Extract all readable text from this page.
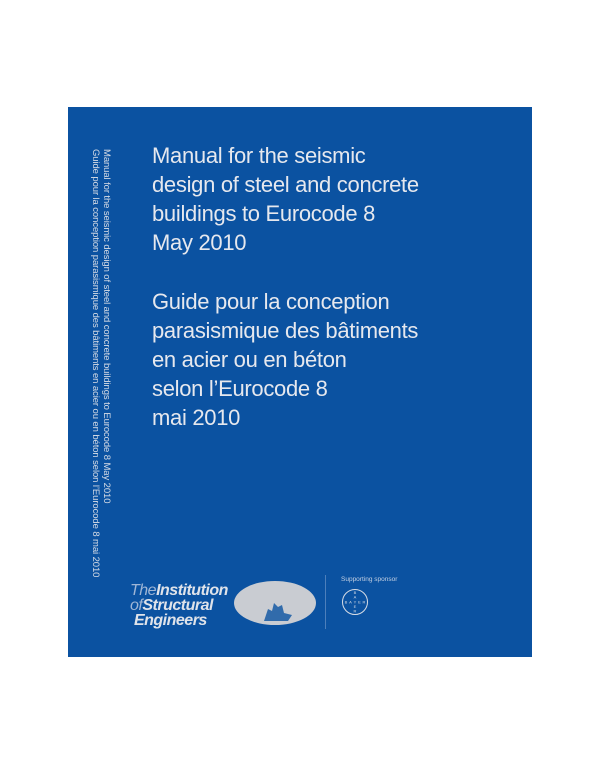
Manual for the seismic design of steel and concrete buildings to Eurocode 8 May 2010
Guide pour la conception parasismique des bâtiments en acier ou en béton selon l’Eurocode 8 mai 2010 Manual for the seismic
design of steel and concrete
buildings to Eurocode 8
May 2010
Guide pour la conception
parasismique des bâtiments
en acier ou en béton
selon l’Eurocode 8
mai 2010
TheInstitution
ofStructural
Engineers
Supporting sponsor
B A Y E R
B
A
E
R
